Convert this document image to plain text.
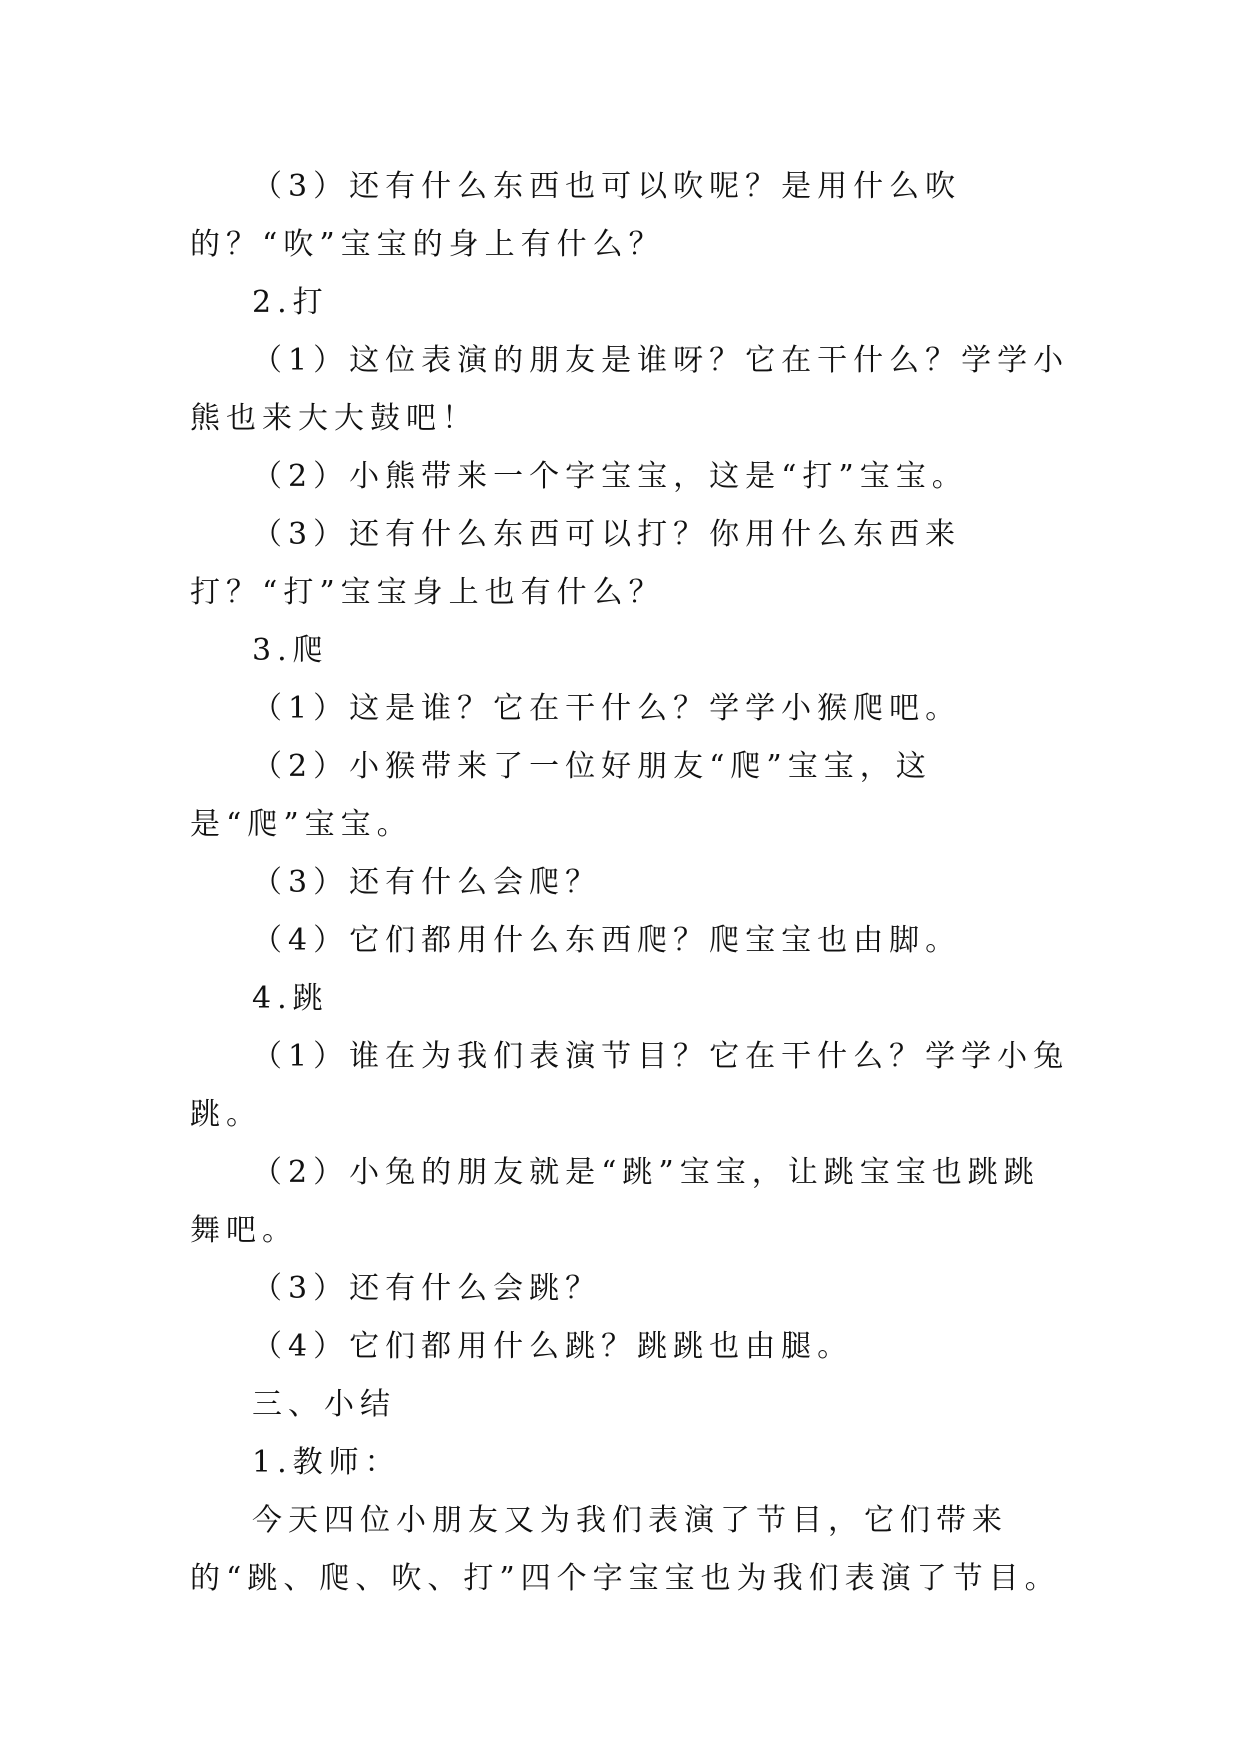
（3）还有什么东西也可以吹呢？是用什么吹的？“吹”宝宝的身上有什么？

2.打

（1）这位表演的朋友是谁呀？它在干什么？学学小熊也来大大鼓吧！

（2）小熊带来一个字宝宝，这是“打”宝宝。

（3）还有什么东西可以打？你用什么东西来打？“打”宝宝身上也有什么？

3.爬

（1）这是谁？它在干什么？学学小猴爬吧。

（2）小猴带来了一位好朋友“爬”宝宝，这是“爬”宝宝。

（3）还有什么会爬？

（4）它们都用什么东西爬？爬宝宝也由脚。

4.跳

（1）谁在为我们表演节目？它在干什么？学学小兔跳。

（2）小兔的朋友就是“跳”宝宝，让跳宝宝也跳跳舞吧。

（3）还有什么会跳？

（4）它们都用什么跳？跳跳也由腿。

三、小结

1.教师：

今天四位小朋友又为我们表演了节目，它们带来的“跳、爬、吹、打”四个字宝宝也为我们表演了节目。
